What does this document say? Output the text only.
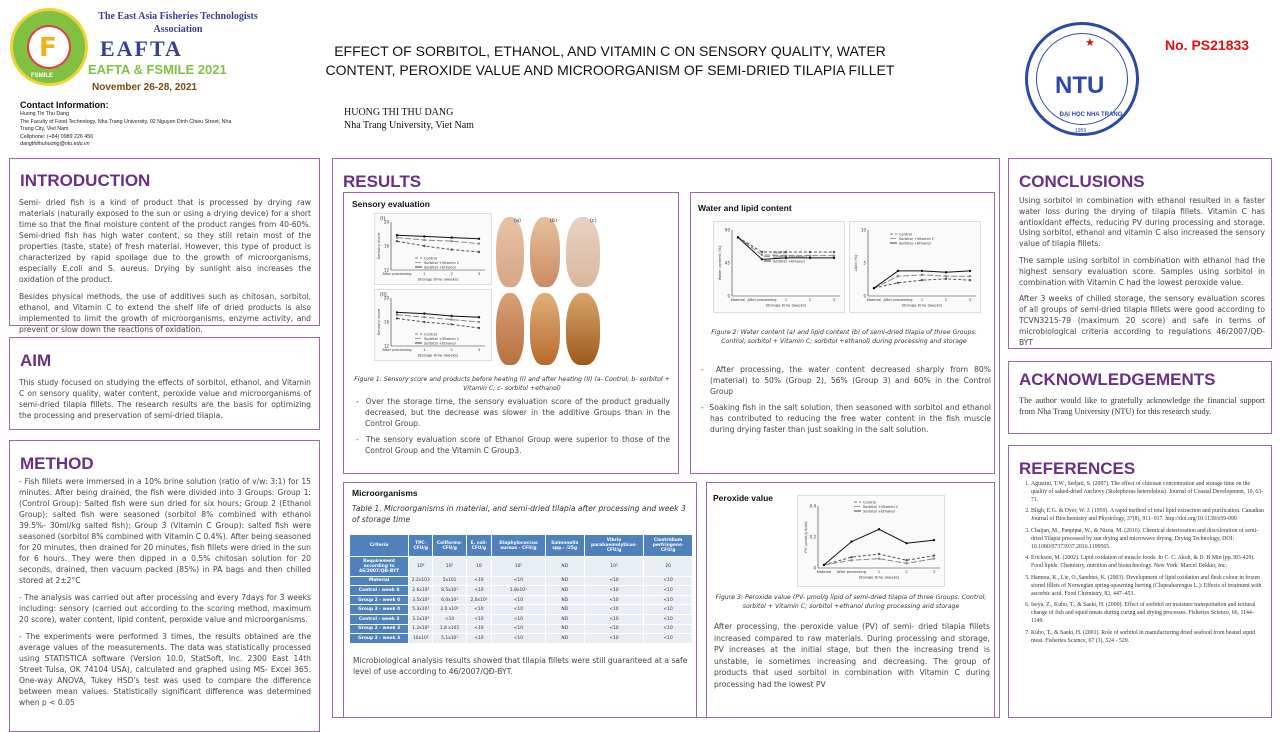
F
FSMILE
The East Asia Fisheries Technologists Association
EAFTA
EAFTA & FSMILE 2021
November 26-28, 2021
Contact Information:
Huong Thi Thu Dang
The Faculty of Food Technology, Nha Trang University, 02 Nguyen Dinh Chieu Street, Nha
Trang City, Viet Nam
Cellphone: (+84) 0989 226 456
dangthithuhuong@ntu.edu.vn
EFFECT OF SORBITOL, ETHANOL, AND VITAMIN C ON SENSORY QUALITY, WATER CONTENT, PEROXIDE VALUE AND MICROORGANISM OF SEMI-DRIED TILAPIA FILLET
HUONG THI THU DANG
Nha Trang University, Viet Nam
★
NTU
ĐẠI HỌC NHA TRANG
1959
No. PS21833
INTRODUCTION

Semi- dried fish is a kind of product that is processed by drying raw materials (naturally exposed to the sun or using a drying device) for a short time so that the final moisture content of the product ranges from 40-60%. Semi-dried fish has high water content, so they still retain most of the properties (taste, state) of fresh material. However, this type of product is characterized by rapid spoilage due to the growth of microorganisms, especially E.coli and S. aureus. Drying by sunlight also increases the oxidation of the product.

Besides physical methods, the use of additives such as chitosan, sorbitol, ethanol, and Vitamin C to extend the shelf life of dried products is also implemented to limit the growth of microorganisms, enzyme activity, and prevent or slow down the reactions of oxidation.

AIM
This study focused on studying the effects of sorbitol, ethanol, and Vitamin C on sensory quality, water content, peroxide value and microorganisms of semi-dried tilapia fillets. The research results are the basis for optimizing the processing and preservation of semi-dried tilapia.
METHOD

- Fish fillets were immersed in a 10% brine solution (ratio of v/w: 3:1) for 15 minutes. After being drained, the fish were divided into 3 Groups: Group 1: (Control Group): Salted fish were sun dried for six hours; Group 2 (Ethanol Group): salted fish were seasoned (sorbitol 8% combined with ethanol 39.5%- 30ml/kg salted fish); Group 3 (Vitamin C Group): salted fish were seasoned (sorbitol 8% combined with Vitamin C 0.4%). After being seasoned for 20 minutes, then drained for 20 minutes, fish fillets were dried in the sun for 6 hours. They were then dipped in a 0.5% chitosan solution for 20 seconds, drained, then vacuum packed (85%) in PA bags and then chilled stored at 2±2°C

- The analysis was carried out after processing and every 7days for 3 weeks including: sensory (carried out according to the scoring method, maximum 20 score), water content, lipid content, peroxide value and microorganisms.

- The experiments were performed 3 times, the results obtained are the average values of the measurements. The data was statistically processed using STATISTICA software (Version 10.0, StatSoft, Inc. 2300 East 14th Street Tulsa, OK 74104 USA), calculated and graphed using MS- Excel 365. One-way ANOVA, Tukey HSD's test was used to compare the difference between mean values. Statistically significant difference was determined when p < 0.05

RESULTS
Sensory evaluation
12
16
20
After processing	1	2	3
Storage time (weeks)
Sensory score	Control
Sorbitol +Vitamin C
Sorbitol +Ethanol
12
16
20
After processing	1	2	3
Storage time (weeks)
Sensory score	Control
Sorbitol +Vitamin C
Sorbitol +Ethanol
(I)
(II)
(a)	(b)	(c)
Figure 1: Sensory score and products before heating (I) and after heating (II) (a- Control; b- sorbitol + Vitamin C; c- sorbitol +ethanol)
-  Over the storage time, the sensory evaluation score of the product gradually decreased, but the decrease was slower in the additive Groups than in the Control Group.
-  The sensory evaluation score of Ethanol Group were superior to those of the Control Group and the Vitamin C Group3.
Water and lipid content
0
45
90
Material After processing 1	2	3
Storage time (weeks)
Water content (%)	Control
Sorbitol +Vitamin C
Sorbitol +Ethanol
0
5
10
Material After processing 1	2	3
Storage time (weeks)
Lipid (%)
Control
Sorbitol +Vitamin C
Sorbitol +Ethanol
Figure 2: Water content (a) and lipid content (b) of semi-dried tilapia of three Groups: Control; sorbitol + Vitamin C; sorbitol +ethanol) during processing and storage
-  After processing, the water content decreased sharply from 80% (material) to 50% (Group 2), 56% (Group 3) and 60% in the Control Group
-  Soaking fish in the salt solution, then seasoned with sorbitol and ethanol has contributed to reducing the free water content in the fish muscle during drying faster than just soaking in the salt solution.
Microorganisms
Table 1. Microorganisms in material, and semi-dried tilapia after processing and week 3 of storage time
Criteria	TPC- CFU/g	Coliforms- CFU/g	E. coli- CFU/g	Staphylococcus aureus - CFU/g	Salmonella spp.- /25g	Vibrio parahaemolyticus- CFU/g	Clostridium perfringens- CFU/g
Requirement according to 46/2007/QĐ-BYT	10⁶	10²	10	10²	ND	10²	20
Material	2.2x103	5x101	<10	<10	ND	<10	<10
Control - week 0	2.6x10³	8,5x10¹	<10	1,8x10¹	ND	<10	<10
Group 2 - week 0	3.5x10³	6,0x10¹	2,0x10¹	<10	ND	<10	<10
Group 3 - week 0	5.3x10³	2.0 x10¹	<10	<10	ND	<10	<10
Control - week 3	3.1x10³	<10	<10	<10	ND	<10	<10
Group 2 - week 3	1.2x10³	1,8 x101	<10	<10	ND	<10	<10
Group 3 - week 3	10x10²	5,1x10¹	<10	<10	ND	<10	<10
Microbiological analysis results showed that tilapia fillets were still guaranteed at a safe level of use according to 46/2007/QĐ-BYT.
Peroxide value
0
0.2
0.4
Material After processing	1	2	3
Storage time (weeks)
PV (μmol/g lipid)
Control
Sorbitol +Vitamin C
Sorbitol +Ethanol
Figure 3: Peroxide value (PV- μmol/g lipid of semi-dried tilapia of three Groups: Control; sorbitol + Vitamin C; sorbitol +ethanol during processing and storage
After processing, the peroxide value (PV) of semi- dried tilapia fillets increased compared to raw materials. During processing and storage, PV increases at the initial stage, but then the increasing trend is unstable, ie sometimes increasing and decreasing. The group of products that used sorbitol in combination with Vitamin C during processing had the lowest PV
CONCLUSIONS

Using sorbitol in combination with ethanol resulted in a faster water loss during the drying of tilapia fillets. Vitamin C has antioxidant effects, reducing PV during processing and storage. Using sorbitol, ethanol and vitamin C also increased the sensory value of tilapia fillets.

The sample using sorbitol in combination with ethanol had the highest sensory evaluation score. Samples using sorbitol in combination with Vitamin C had the lowest peroxide value.

After 3 weeks of chilled storage, the sensory evaluation scores of all groups of semi-dried tilapia fillets were good according to TCVN3215-79 (maximum 20 score) and safe in terms of microbiological criteria according to regulations 46/2007/QĐ-BYT

ACKNOWLEDGEMENTS
The author would like to gratefully acknowledge the financial support from Nha Trang University (NTU) for this research study.
REFERENCES
1. Agustini, T.W., Sedjati, S. (2007). The effect of chitosan concentration and storage time on the quality of salted-dried Anchovy (Stolephorus heterolobus). Journal of Coastal Development, 10, 63-71.
2. Bligh, E.G. & Dyer, W. J. (1959). A rapid method of total lipid extraction and purification. Canadian Journal of Biochemistry and Physiology, 37(8), 911–917. http://doi.org/10.1139/o59-099
3. Chaijan, M., Panpipat, W., & Nisoa, M. (2016). Chemical deterioration and discoloration of semi-dried Tilapia processed by sun drying and microwave drying. Drying Technology, DOI: 10.1080/07373937.2016.1199565
4. Erickson, M. (2002). Lipid oxidation of muscle foods. In C. C. Akoh, & D. B Min (pp.383-429). Food lipids: Chemistry, nutrition and biotechnology. New York: Marcel Dekker, Inc.
5. Hamrea, K., Lie, O.,Sandnes, K. (2003). Development of lipid oxidation and flesh colour in frozen stored fillets of Norwegian spring-spawning herring (Clupeaharengus L.): Effects of treatment with ascorbic acid. Food Chemistry, 82, 447–453.
6. Iseya, Z., Kubo, T., & Saeki, H. (2000). Effect of sorbitol on moisture transportation and textural change of fish and squid meats during curing and drying processes. Fisheries Science, 66, 1144-1149.
7. Kubo, T., & Saeki, H. (2001). Role of sorbitol in manufacturing dried seafood from heated squid meat. Fisheries Science, 67 (3), 524 - 529.
